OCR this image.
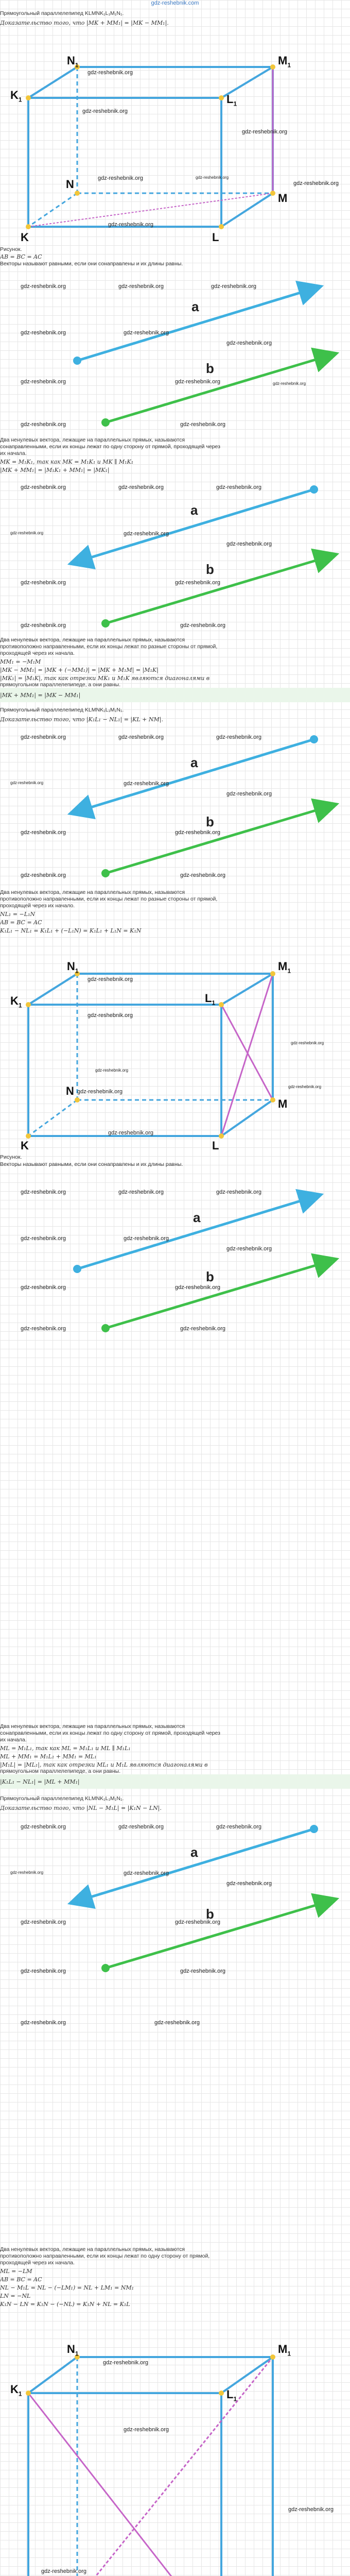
gdz-reshebnik.com
Прямоугольный параллелепипед KLMNK₁L₁M₁N₁.
Доказательство того, что |MK + MM₁| = |MK − MM₁|.
$K_1$
$N_1$	$M_1$
$L_1$
N
M
L
K
gdz-reshebnik.org
gdz-reshebnik.org
gdz-reshebnik.org
gdz-reshebnik.org	gdz-reshebnik.org
gdz-reshebnik.org
gdz-reshebnik.org
Рисунок.
AB = BC = AC
Векторы называют равными, если они сонаправлены и их длины равны.
a
b
gdz-reshebnik.org	gdz-reshebnik.org	gdz-reshebnik.org
gdz-reshebnik.org	gdz-reshebnik.org
gdz-reshebnik.org
gdz-reshebnik.org
gdz-reshebnik.org	gdz-reshebnik.org
gdz-reshebnik.org	gdz-reshebnik.org
Два ненулевых вектора, лежащие на параллельных прямых, называются
сонаправленными, если их концы лежат по одну сторону от прямой, проходящей через
их начала.
MK = M₁K₁, так как MK = M₁K₁ и MK ∥ M₁K₁
|MK + MM₁| = |M₁K₁ + MM₁| = |MK₁|
a
b
gdz-reshebnik.org	gdz-reshebnik.org	gdz-reshebnik.org
gdz-reshebnik.org	gdz-reshebnik.org
gdz-reshebnik.org
gdz-reshebnik.org	gdz-reshebnik.org
gdz-reshebnik.org	gdz-reshebnik.org
Два ненулевых вектора, лежащие на параллельных прямых, называются
противоположно направленными, если их концы лежат по разные стороны от прямой,
проходящей через их начала.
MM₁ = −M₁M
|MK − MM₁| = |MK + (−MM₁)| = |MK + M₁M| = |M₁K|
|MK₁| = |M₁K|, так как отрезки MK₁ и M₁K являются диагоналями в
прямоугольном параллелепипеде, а они равны.
|MK + MM₁| = |MK − MM₁|
Прямоугольный параллелепипед KLMNK₁L₁M₁N₁.
Доказательство того, что |K₁L₁ − NL₁| = |KL + NM|.
a
b
gdz-reshebnik.org	gdz-reshebnik.org	gdz-reshebnik.org
gdz-reshebnik.org	gdz-reshebnik.org
gdz-reshebnik.org
gdz-reshebnik.org	gdz-reshebnik.org
gdz-reshebnik.org	gdz-reshebnik.org
Два ненулевых вектора, лежащие на параллельных прямых, называются
противоположно направленными, если их концы лежат по разные стороны от прямой,
проходящей через их начало.
NL₁ = −L₁N
AB = BC = AC
K₁L₁ − NL₁ = K₁L₁ + (−L₁N) = K₁L₁ + L₁N = K₁N
$K_1$
$N_1$	$M_1$
$L_1$
N
M
L
K
gdz-reshebnik.org
gdz-reshebnik.org
gdz-reshebnik.org
gdz-reshebnik.org
gdz-reshebnik.org
gdz-reshebnik.org
gdz-reshebnik.org
Рисунок.
Векторы называют равными, если они сонаправлены и их длины равны.
a
b
gdz-reshebnik.org	gdz-reshebnik.org	gdz-reshebnik.org
gdz-reshebnik.org	gdz-reshebnik.org
gdz-reshebnik.org
gdz-reshebnik.org	gdz-reshebnik.org
gdz-reshebnik.org	gdz-reshebnik.org
Два ненулевых вектора, лежащие на параллельных прямых, называются
сонаправленными, если их концы лежат по одну сторону от прямой, проходящей через
их начала.
ML = M₁L₁, так как ML = M₁L₁ и ML ∥ M₁L₁
ML + MM₁ = M₁L₁ + MM₁ = ML₁
|M₁L| = |ML₁|, так как отрезки ML₁ и M₁L являются диагоналями в
прямоугольном параллелепипеде, а они равны.
|K₁L₁ − NL₁| = |ML + MM₁|
Прямоугольный параллелепипед KLMNK₁L₁M₁N₁.
Доказательство того, что |NL − M₁L| = |K₁N − LN|.
a
b
gdz-reshebnik.org	gdz-reshebnik.org	gdz-reshebnik.org
gdz-reshebnik.org	gdz-reshebnik.org
gdz-reshebnik.org
gdz-reshebnik.org	gdz-reshebnik.org
gdz-reshebnik.org	gdz-reshebnik.org
gdz-reshebnik.org	gdz-reshebnik.org
Два ненулевых вектора, лежащие на параллельных прямых, называются
противоположно направленными, если их концы лежат по одну сторону от прямой,
проходящей через их начала.
ML = −LM
AB = BC = AC
NL − M₁L = NL − (−LM₁) = NL + LM₁ = NM₁
LN = −NL
K₁N − LN = K₁N − (−NL) = K₁N + NL = K₁L
$K_1$
$N_1$	$M_1$
$L_1$
gdz-reshebnik.org
gdz-reshebnik.org
gdz-reshebnik.org
gdz-reshebnik.org
